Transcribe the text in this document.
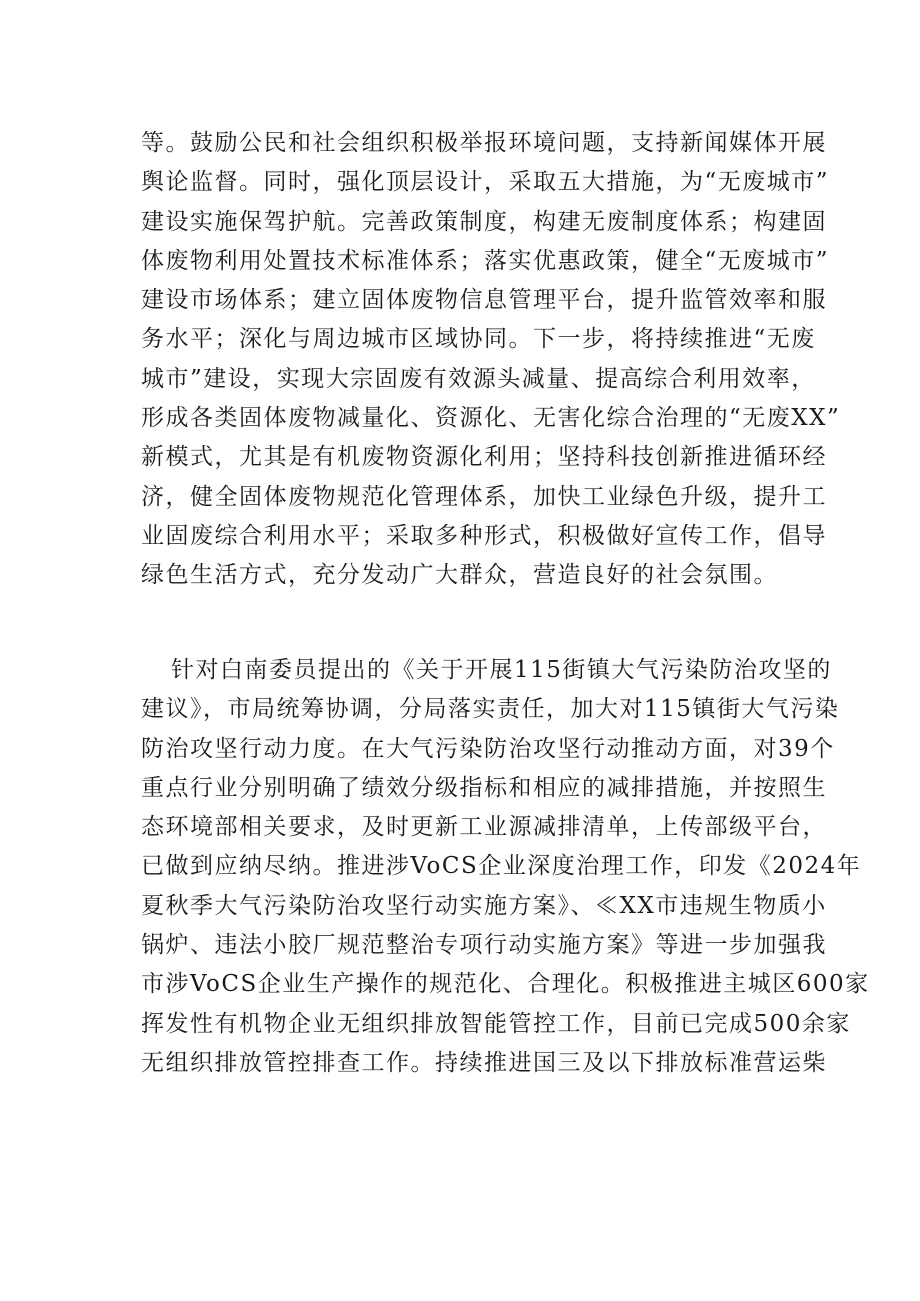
等。鼓励公民和社会组织积极举报环境问题，支持新闻媒体开展
舆论监督。同时，强化顶层设计，采取五大措施，为“无废城市”
建设实施保驾护航。完善政策制度，构建无废制度体系；构建固
体废物利用处置技术标准体系；落实优惠政策，健全“无废城市”
建设市场体系；建立固体废物信息管理平台，提升监管效率和服
务水平；深化与周边城市区域协同。下一步，将持续推进“无废
城市”建设，实现大宗固废有效源头减量、提高综合利用效率，
形成各类固体废物减量化、资源化、无害化综合治理的“无废XX”
新模式，尤其是有机废物资源化利用；坚持科技创新推进循环经
济，健全固体废物规范化管理体系，加快工业绿色升级，提升工
业固废综合利用水平；采取多种形式，积极做好宣传工作，倡导
绿色生活方式，充分发动广大群众，营造良好的社会氛围。
针对白南委员提出的《关于开展115街镇大气污染防治攻坚的
建议》，市局统筹协调，分局落实责任，加大对115镇街大气污染
防治攻坚行动力度。在大气污染防治攻坚行动推动方面，对39个
重点行业分别明确了绩效分级指标和相应的减排措施，并按照生
态环境部相关要求，及时更新工业源减排清单，上传部级平台，
已做到应纳尽纳。推进涉VoCS企业深度治理工作，印发《2024年
夏秋季大气污染防治攻坚行动实施方案》、≪XX市违规生物质小
锅炉、违法小胶厂规范整治专项行动实施方案》等进一步加强我
市涉VoCS企业生产操作的规范化、合理化。积极推进主城区600家
挥发性有机物企业无组织排放智能管控工作，目前已完成500余家
无组织排放管控排查工作。持续推进国三及以下排放标准营运柴
